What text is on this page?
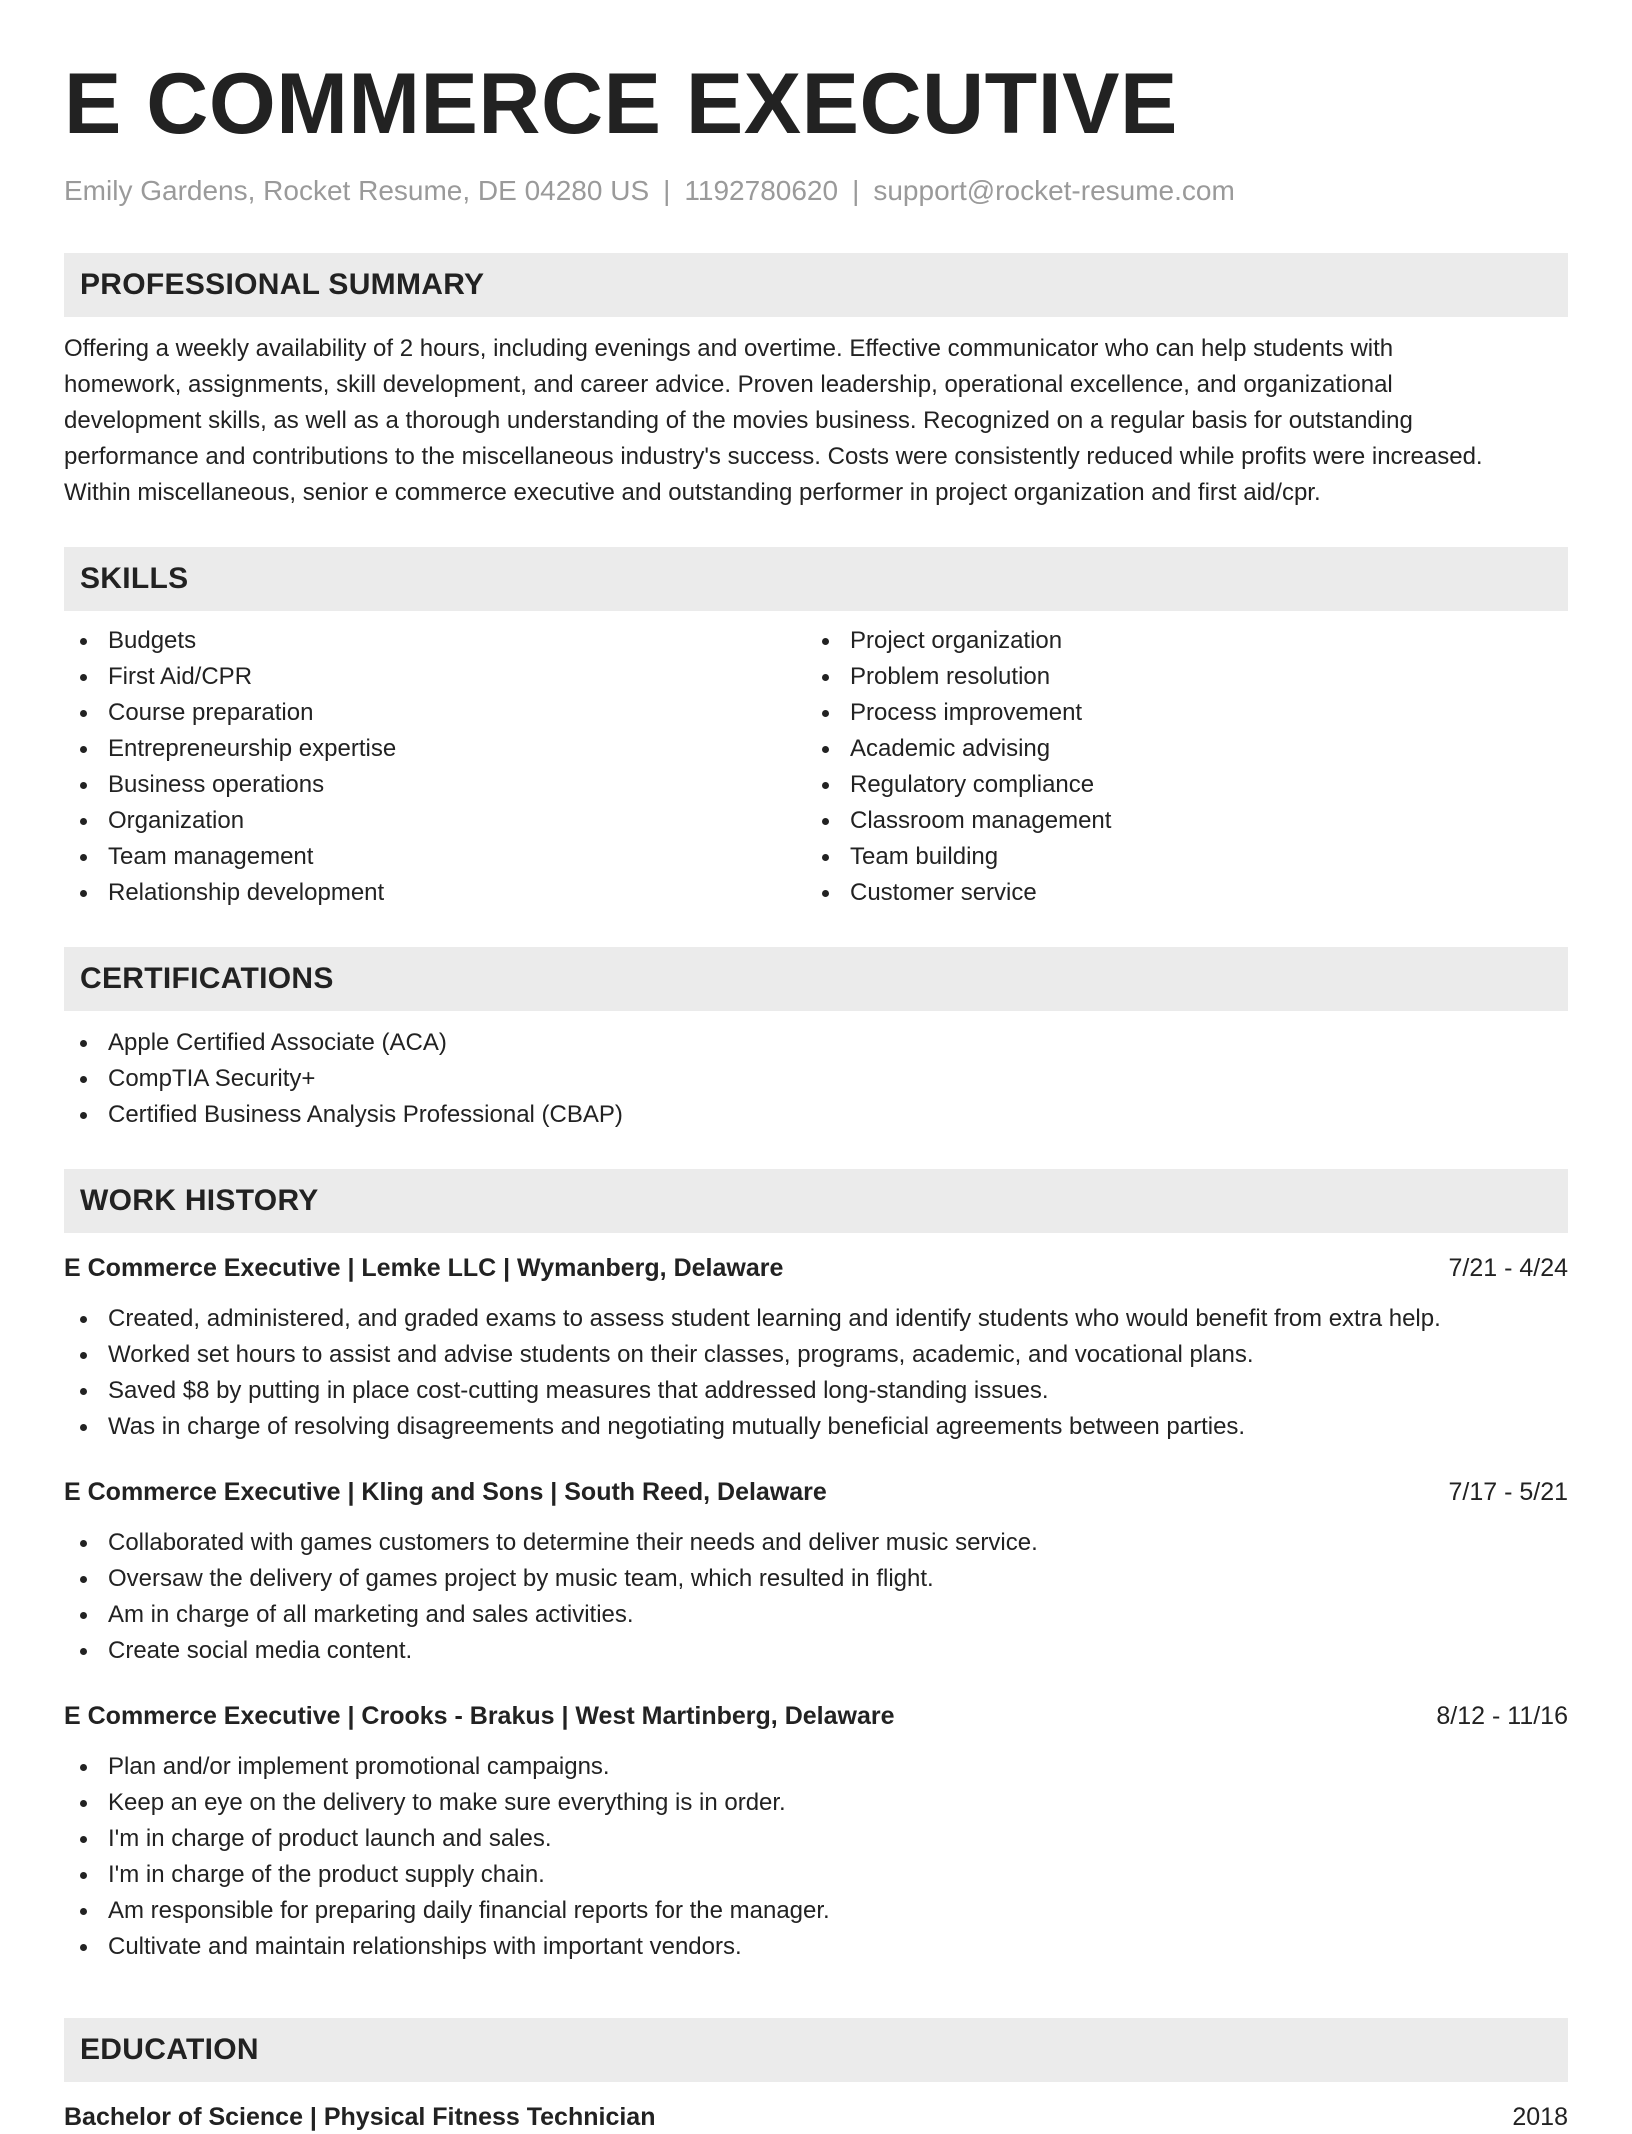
E COMMERCE EXECUTIVE
Emily Gardens, Rocket Resume, DE 04280 US | 1192780620 | support@rocket-resume.com
PROFESSIONAL SUMMARY
Offering a weekly availability of 2 hours, including evenings and overtime. Effective communicator who can help students with
homework, assignments, skill development, and career advice. Proven leadership, operational excellence, and organizational
development skills, as well as a thorough understanding of the movies business. Recognized on a regular basis for outstanding
performance and contributions to the miscellaneous industry's success. Costs were consistently reduced while profits were increased.
Within miscellaneous, senior e commerce executive and outstanding performer in project organization and first aid/cpr.
SKILLS
Budgets
First Aid/CPR
Course preparation
Entrepreneurship expertise
Business operations
Organization
Team management
Relationship development
Project organization
Problem resolution
Process improvement
Academic advising
Regulatory compliance
Classroom management
Team building
Customer service
CERTIFICATIONS
Apple Certified Associate (ACA)
CompTIA Security+
Certified Business Analysis Professional (CBAP)
WORK HISTORY
E Commerce Executive | Lemke LLC | Wymanberg, Delaware	7/21 - 4/24
Created, administered, and graded exams to assess student learning and identify students who would benefit from extra help.
Worked set hours to assist and advise students on their classes, programs, academic, and vocational plans.
Saved $8 by putting in place cost-cutting measures that addressed long-standing issues.
Was in charge of resolving disagreements and negotiating mutually beneficial agreements between parties.
E Commerce Executive | Kling and Sons | South Reed, Delaware	7/17 - 5/21
Collaborated with games customers to determine their needs and deliver music service.
Oversaw the delivery of games project by music team, which resulted in flight.
Am in charge of all marketing and sales activities.
Create social media content.
E Commerce Executive | Crooks - Brakus | West Martinberg, Delaware	8/12 - 11/16
Plan and/or implement promotional campaigns.
Keep an eye on the delivery to make sure everything is in order.
I'm in charge of product launch and sales.
I'm in charge of the product supply chain.
Am responsible for preparing daily financial reports for the manager.
Cultivate and maintain relationships with important vendors.
EDUCATION
Bachelor of Science | Physical Fitness Technician	2018
